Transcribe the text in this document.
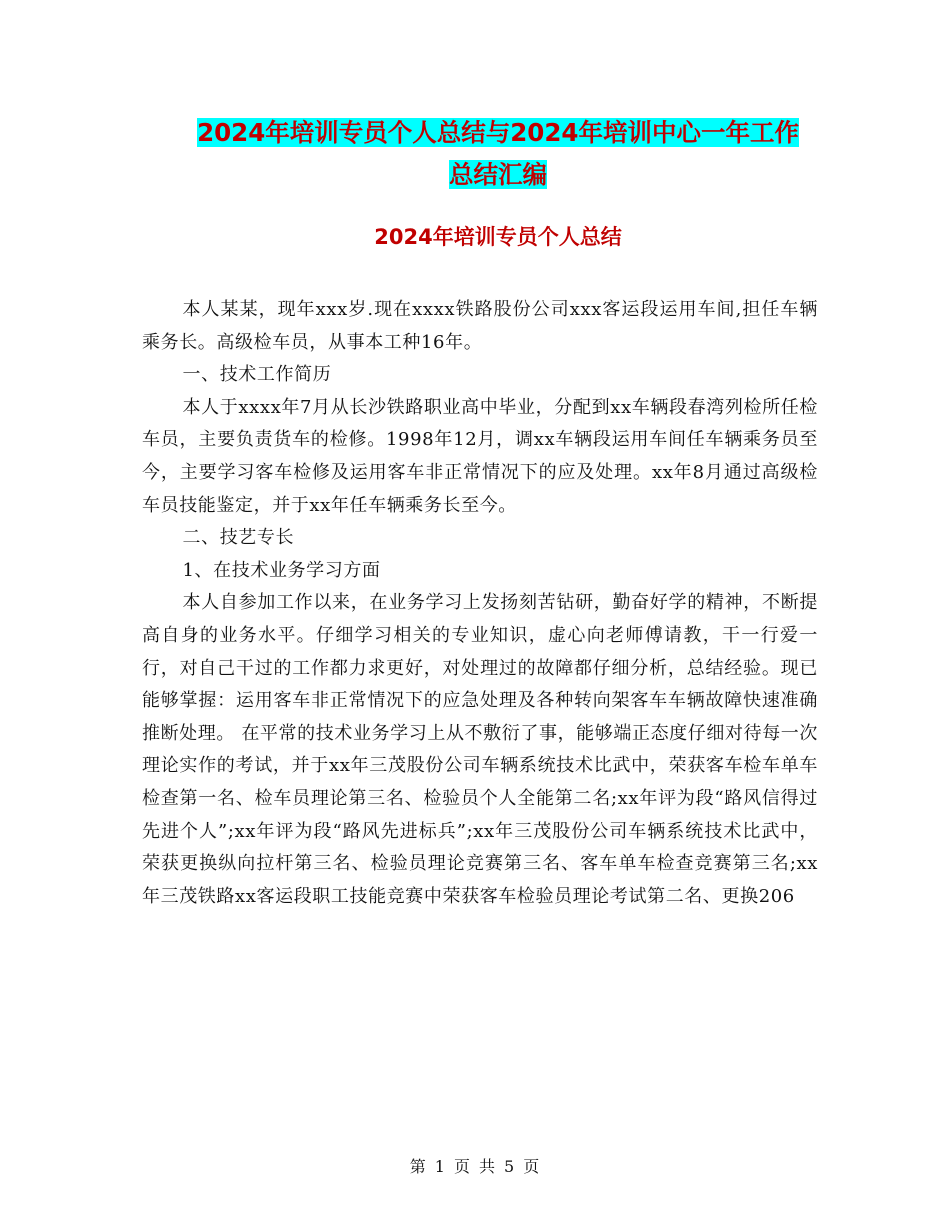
2024年培训专员个人总结与2024年培训中心一年工作
总结汇编
2024年培训专员个人总结

本人某某，现年xxx岁.现在xxxx铁路股份公司xxx客运段运用车间,担任车辆乘务长。高级检车员，从事本工种16年。

一、技术工作简历

本人于xxxx年7月从长沙铁路职业高中毕业，分配到xx车辆段春湾列检所任检车员，主要负责货车的检修。1998年12月，调xx车辆段运用车间任车辆乘务员至今，主要学习客车检修及运用客车非正常情况下的应及处理。xx年8月通过高级检车员技能鉴定，并于xx年任车辆乘务长至今。

二、技艺专长

1、在技术业务学习方面

本人自参加工作以来，在业务学习上发扬刻苦钻研，勤奋好学的精神，不断提高自身的业务水平。仔细学习相关的专业知识，虚心向老师傅请教，干一行爱一行，对自己干过的工作都力求更好，对处理过的故障都仔细分析，总结经验。现已能够掌握：运用客车非正常情况下的应急处理及各种转向架客车车辆故障快速准确推断处理。 在平常的技术业务学习上从不敷衍了事，能够端正态度仔细对待每一次理论实作的考试，并于xx年三茂股份公司车辆系统技术比武中，荣获客车检车单车检查第一名、检车员理论第三名、检验员个人全能第二名;xx年评为段“路风信得过先进个人”;xx年评为段“路风先进标兵”;xx年三茂股份公司车辆系统技术比武中，荣获更换纵向拉杆第三名、检验员理论竞赛第三名、客车单车检查竞赛第三名;xx年三茂铁路xx客运段职工技能竞赛中荣获客车检验员理论考试第二名、更换206

第 1 页 共 5 页
